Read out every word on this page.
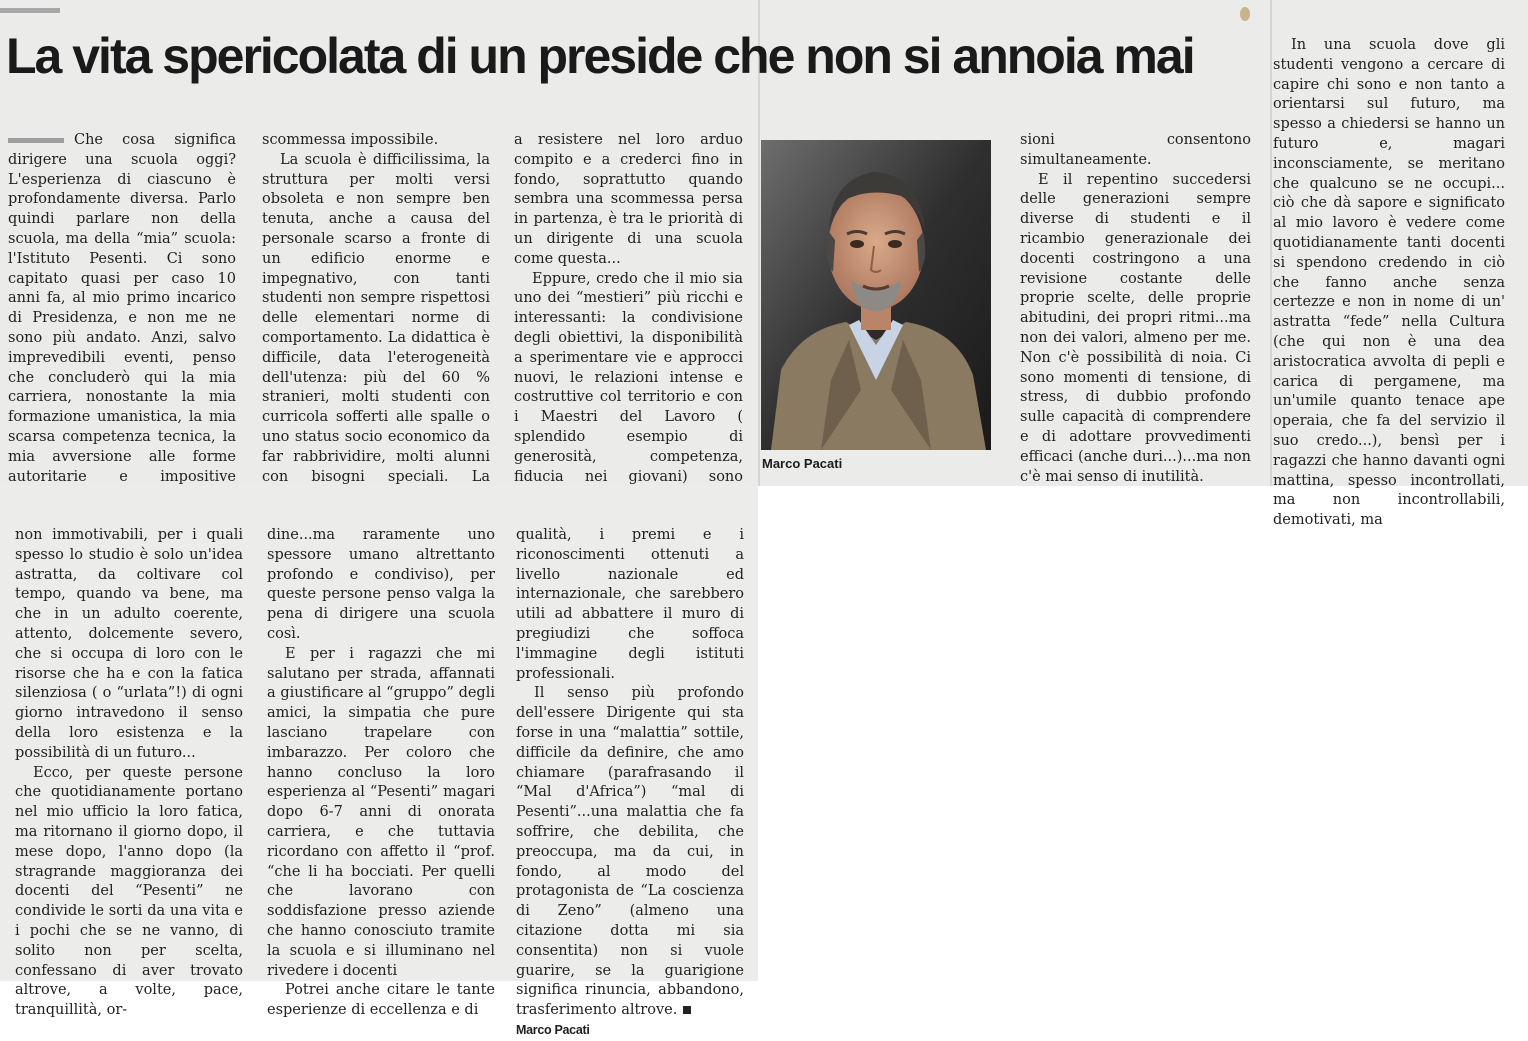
La vita spericolata di un preside che non si annoia mai

Che cosa significa dirigere una scuola oggi? L'esperienza di ciascuno è profondamente diversa. Parlo quindi parlare non della scuola, ma della “mia” scuola: l'Istituto Pesenti. Ci sono capitato quasi per caso 10 anni fa, al mio primo incarico di Presidenza, e non me ne sono più andato. Anzi, salvo imprevedibili eventi, penso che concluderò qui la mia carriera, nonostante la mia formazione umanistica, la mia scarsa competenza tecnica, la mia avversione alle forme autoritarie e impositive

scommessa impossibile.

La scuola è difficilissima, la struttura per molti versi obsoleta e non sempre ben tenuta, anche a causa del personale scarso a fronte di un edificio enorme e impegnativo, con tanti studenti non sempre rispettosi delle elementari norme di comportamento. La didattica è difficile, data l'eterogeneità dell'utenza: più del 60 % stranieri, molti studenti con curricola sofferti alle spalle o uno status socio economico da far rabbrividire, molti alunni con bisogni speciali. La

a resistere nel loro arduo compito e a crederci fino in fondo, soprattutto quando sembra una scommessa persa in partenza, è tra le priorità di un dirigente di una scuola come questa...

Eppure, credo che il mio sia uno dei “mestieri” più ricchi e interessanti: la condivisione degli obiettivi, la disponibilità a sperimentare vie e approcci nuovi, le relazioni intense e costruttive col territorio e con i Maestri del Lavoro ( splendido esempio di generosità, competenza, fiducia nei giovani) sono

Marco Pacati

sioni consentono simultaneamente.

E il repentino succedersi delle generazioni sempre diverse di studenti e il ricambio generazionale dei docenti costringono a una revisione costante delle proprie scelte, delle proprie abitudini, dei propri ritmi...ma non dei valori, almeno per me. Non c'è possibilità di noia. Ci sono momenti di tensione, di stress, di dubbio profondo sulle capacità di comprendere e di adottare provvedimenti efficaci (anche duri...)...ma non c'è mai senso di inutilità.

In una scuola dove gli studenti vengono a cercare di capire chi sono e non tanto a orientarsi sul futuro, ma spesso a chiedersi se hanno un futuro e, magari inconsciamente, se meritano che qualcuno se ne occupi... ciò che dà sapore e significato al mio lavoro è vedere come quotidianamente tanti docenti si spendono credendo in ciò che fanno anche senza certezze e non in nome di un' astratta “fede” nella Cultura (che qui non è una dea aristocratica avvolta di pepli e carica di pergamene, ma un'umile quanto tenace ape operaia, che fa del servizio il suo credo...), bensì per i ragazzi che hanno davanti ogni mattina, spesso incontrollati, ma non incontrollabili, demotivati, ma

non immotivabili, per i quali spesso lo studio è solo un'idea astratta, da coltivare col tempo, quando va bene, ma che in un adulto coerente, attento, dolcemente severo, che si occupa di loro con le risorse che ha e con la fatica silenziosa ( o “urlata”!) di ogni giorno intravedono il senso della loro esistenza e la possibilità di un futuro...

Ecco, per queste persone che quotidianamente portano nel mio ufficio la loro fatica, ma ritornano il giorno dopo, il mese dopo, l'anno dopo (la stragrande maggioranza dei docenti del “Pesenti” ne condivide le sorti da una vita e i pochi che se ne vanno, di solito non per scelta, confessano di aver trovato altrove, a volte, pace, tranquillità, or-

dine...ma raramente uno spessore umano altrettanto profondo e condiviso), per queste persone penso valga la pena di dirigere una scuola così.

E per i ragazzi che mi salutano per strada, affannati a giustificare al “gruppo” degli amici, la simpatia che pure lasciano trapelare con imbarazzo. Per coloro che hanno concluso la loro esperienza al “Pesenti” magari dopo 6-7 anni di onorata carriera, e che tuttavia ricordano con affetto il “prof. “che li ha bocciati. Per quelli che lavorano con soddisfazione presso aziende che hanno conosciuto tramite la scuola e si illuminano nel rivedere i docenti

Potrei anche citare le tante esperienze di eccellenza e di

qualità, i premi e i riconoscimenti ottenuti a livello nazionale ed internazionale, che sarebbero utili ad abbattere il muro di pregiudizi che soffoca l'immagine degli istituti professionali.

Il senso più profondo dell'essere Dirigente qui sta forse in una “malattia” sottile, difficile da definire, che amo chiamare (parafrasando il “Mal d'Africa”) “mal di Pesenti”...una malattia che fa soffrire, che debilita, che preoccupa, ma da cui, in fondo, al modo del protagonista de “La coscienza di Zeno” (almeno una citazione dotta mi sia consentita) non si vuole guarire, se la guarigione significa rinuncia, abbandono, trasferimento altrove.

Marco Pacati
